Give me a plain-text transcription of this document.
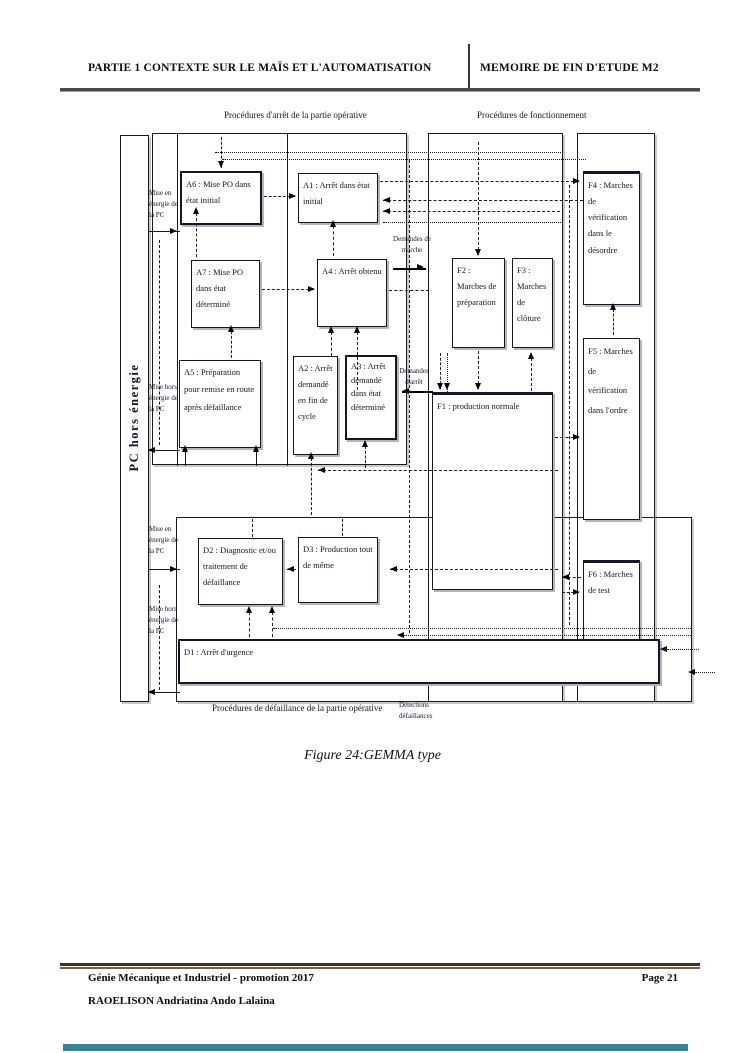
PARTIE 1 CONTEXTE SUR LE MAÏS ET L'AUTOMATISATION	MEMOIRE DE FIN D'ETUDE M2
Procédures d'arrêt de la partie opérative	Procédures de fonctionnement
Procédures de défaillance de la partie opérative
PC hors énergie
A6 : Mise PO dans état initial
A1 : Arrêt dans état initial
A7 : Mise PO dans état déterminé
A4 : Arrêt obtenu
A5 : Préparation pour remise en route après défaillance
A2 : Arrêt demandé en fin de cycle
A3 : Arrêt demandé dans état déterminé
F2 : Marches de préparation
F3 : Marches de clôture
F4 : Marches de vérification dans le désordre
F5 : Marches de vérification dans l'ordre
F1 : production normale
F6 : Marches de test
D2 : Diagnostic et/ou traitement de défaillance
D3 : Production tout de même
D1 : Arrêt d'urgence
Mise en énergie de la PC
Mise hors énergie de la PC
Mise en énergie de la PC
Mise hors énergie de la PC
Demandes de marche
Demandes d'arrêt
Détections défaillances
Figure 24:GEMMA type
Génie Mécanique et Industriel - promotion 2017	Page 21
RAOELISON Andriatina Ando Lalaina
